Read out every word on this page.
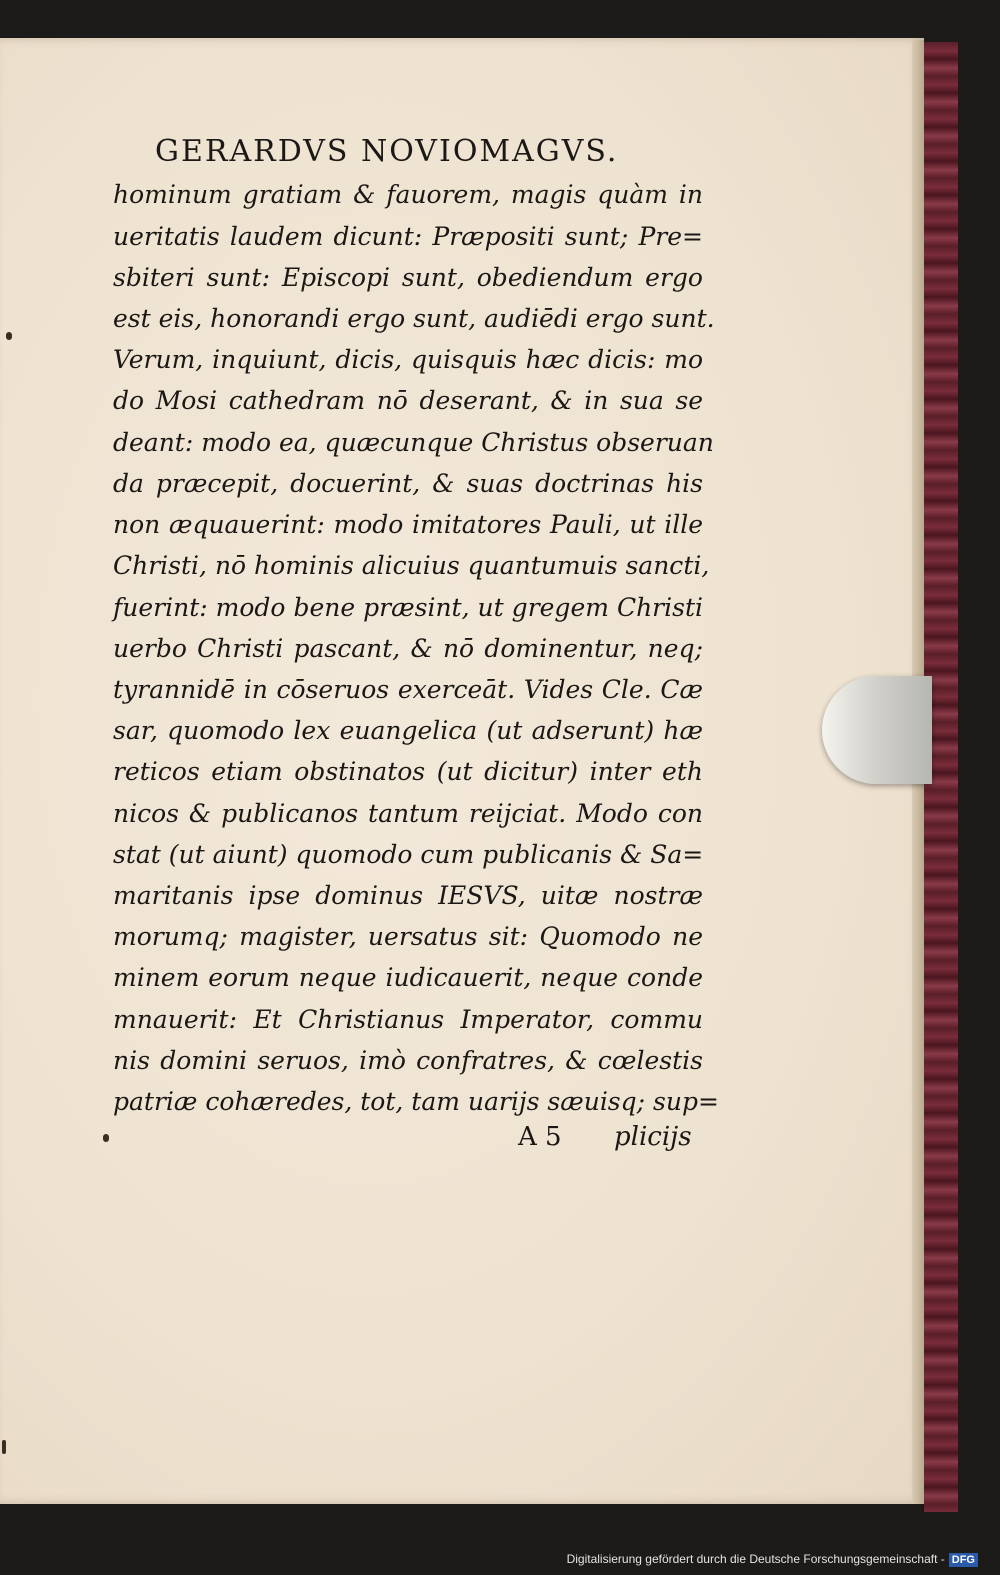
GERARDVS NOVIOMAGVS.
hominum gratiam & fauorem, magis quàm in
ueritatis laudem dicunt: Præpositi sunt; Pre=
sbiteri sunt: Episcopi sunt, obediendum ergo
est eis, honorandi ergo sunt, audiēdi ergo sunt.
Verum, inquiunt, dicis, quisquis hæc dicis: mo
do Mosi cathedram nō deserant, & in sua se
deant: modo ea, quæcunque Christus obseruan
da præcepit, docuerint, & suas doctrinas his
non æquauerint: modo imitatores Pauli, ut ille
Christi, nō hominis alicuius quantumuis sancti,
fuerint: modo bene præsint, ut gregem Christi
uerbo Christi pascant, & nō dominentur, neq;
tyrannidē in cōseruos exerceāt. Vides Cle. Cæ
sar, quomodo lex euangelica (ut adserunt) hæ
reticos etiam obstinatos (ut dicitur) inter eth
nicos & publicanos tantum reijciat. Modo con
stat (ut aiunt) quomodo cum publicanis & Sa=
maritanis ipse dominus IESVS, uitæ nostræ
morumq; magister, uersatus sit: Quomodo ne
minem eorum neque iudicauerit, neque conde
mnauerit: Et Christianus Imperator, commu
nis domini seruos, imò confratres, & cœlestis
patriæ cohæredes, tot, tam uarijs sæuisq; sup=
A 5 plicijs
Digitalisierung gefördert durch die Deutsche Forschungsgemeinschaft - DFG
